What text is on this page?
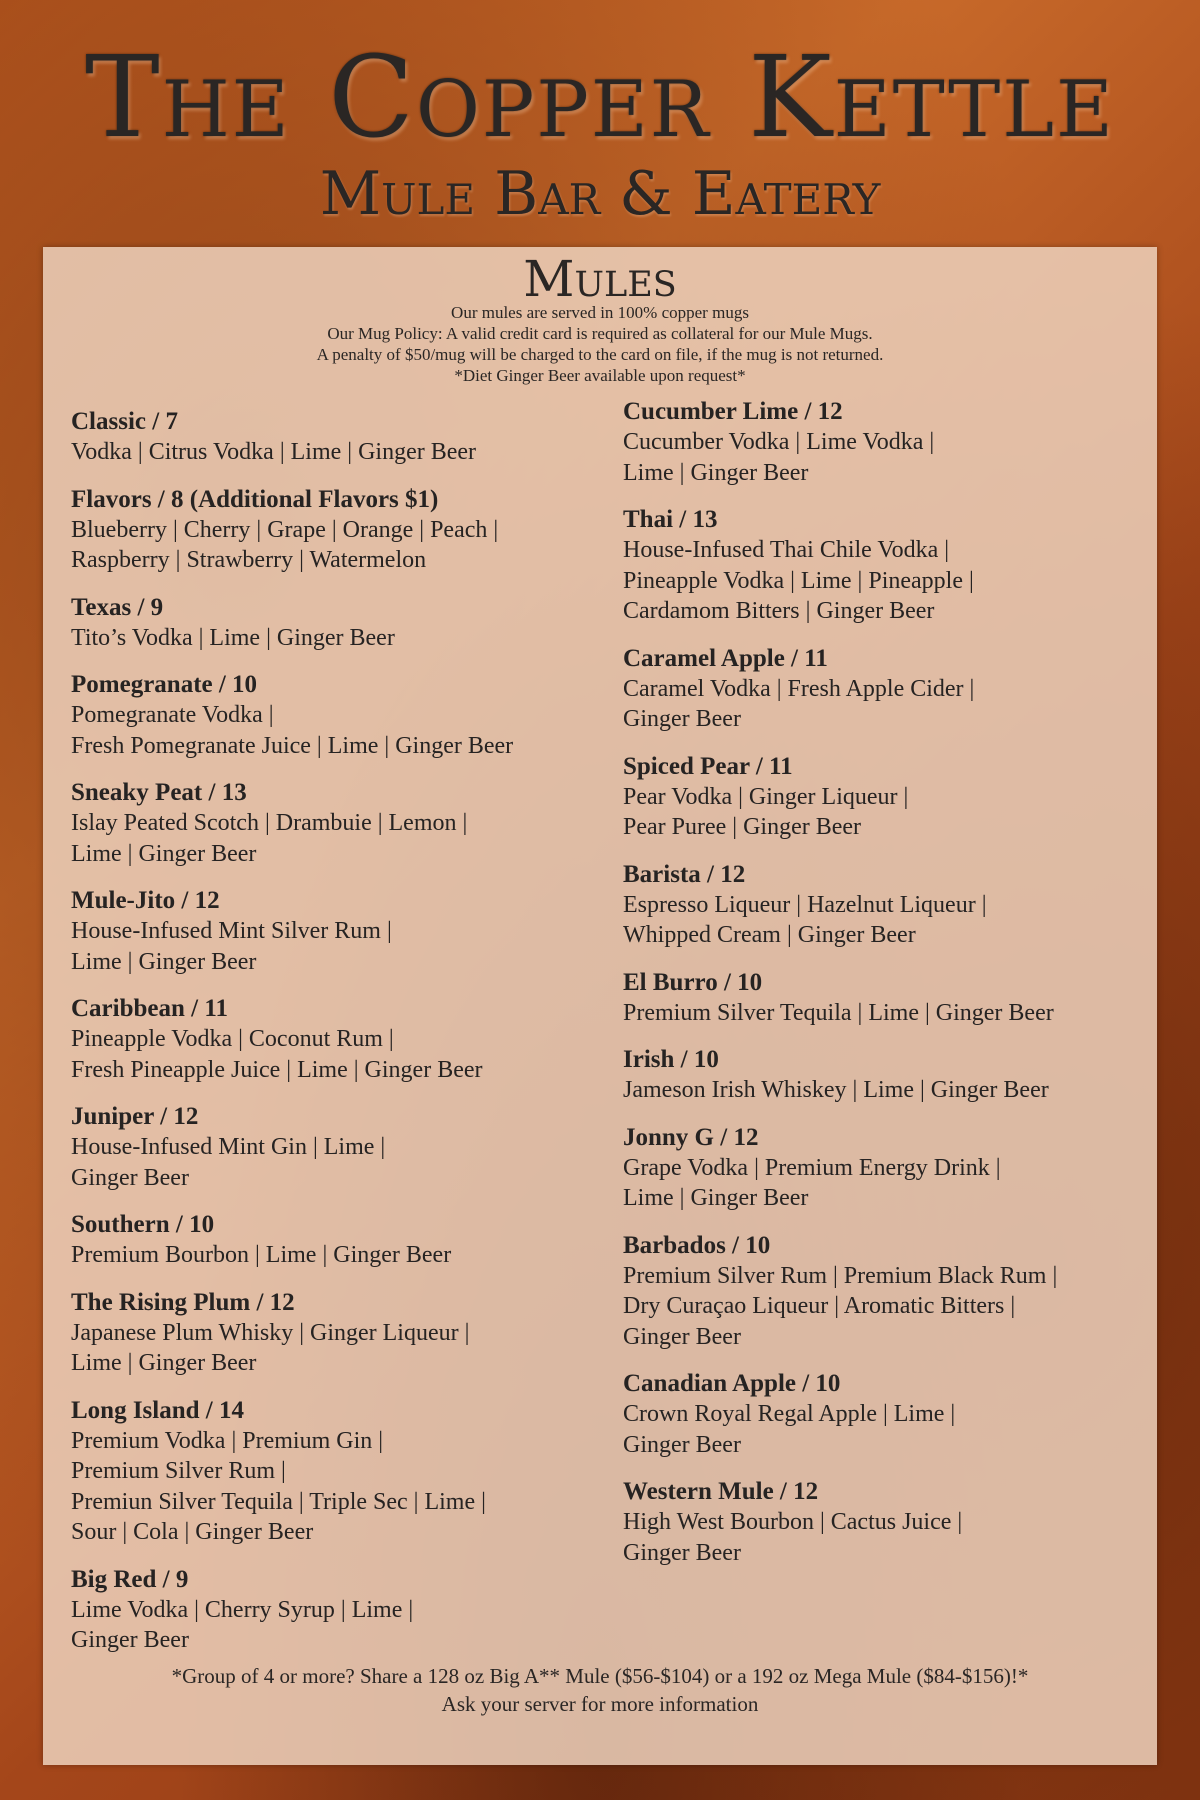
The Copper Kettle
Mule Bar & Eatery
Mules
Our mules are served in 100% copper mugs
Our Mug Policy: A valid credit card is required as collateral for our Mule Mugs.
A penalty of $50/mug will be charged to the card on file, if the mug is not returned.
*Diet Ginger Beer available upon request*
Classic / 7
Vodka | Citrus Vodka | Lime | Ginger Beer
Flavors / 8 (Additional Flavors $1)
Blueberry | Cherry | Grape | Orange | Peach |
Raspberry | Strawberry | Watermelon
Texas / 9
Tito’s Vodka | Lime | Ginger Beer
Pomegranate / 10
Pomegranate Vodka |
Fresh Pomegranate Juice | Lime | Ginger Beer
Sneaky Peat / 13
Islay Peated Scotch | Drambuie | Lemon |
Lime | Ginger Beer
Mule-Jito / 12
House-Infused Mint Silver Rum |
Lime | Ginger Beer
Caribbean / 11
Pineapple Vodka | Coconut Rum |
Fresh Pineapple Juice | Lime | Ginger Beer
Juniper / 12
House-Infused Mint Gin | Lime |
Ginger Beer
Southern / 10
Premium Bourbon | Lime | Ginger Beer
The Rising Plum / 12
Japanese Plum Whisky | Ginger Liqueur |
Lime | Ginger Beer
Long Island / 14
Premium Vodka | Premium Gin |
Premium Silver Rum |
Premiun Silver Tequila | Triple Sec | Lime |
Sour | Cola | Ginger Beer
Big Red / 9
Lime Vodka | Cherry Syrup | Lime |
Ginger Beer
Cucumber Lime / 12
Cucumber Vodka | Lime Vodka |
Lime | Ginger Beer
Thai / 13
House-Infused Thai Chile Vodka |
Pineapple Vodka | Lime | Pineapple |
Cardamom Bitters | Ginger Beer
Caramel Apple / 11
Caramel Vodka | Fresh Apple Cider |
Ginger Beer
Spiced Pear / 11
Pear Vodka | Ginger Liqueur |
Pear Puree | Ginger Beer
Barista / 12
Espresso Liqueur | Hazelnut Liqueur |
Whipped Cream | Ginger Beer
El Burro / 10
Premium Silver Tequila | Lime | Ginger Beer
Irish / 10
Jameson Irish Whiskey | Lime | Ginger Beer
Jonny G / 12
Grape Vodka | Premium Energy Drink |
Lime | Ginger Beer
Barbados / 10
Premium Silver Rum | Premium Black Rum |
Dry Curaçao Liqueur | Aromatic Bitters |
Ginger Beer
Canadian Apple / 10
Crown Royal Regal Apple | Lime |
Ginger Beer
Western Mule / 12
High West Bourbon | Cactus Juice |
Ginger Beer
*Group of 4 or more? Share a 128 oz Big A** Mule ($56-$104) or a 192 oz Mega Mule ($84-$156)!*
Ask your server for more information
